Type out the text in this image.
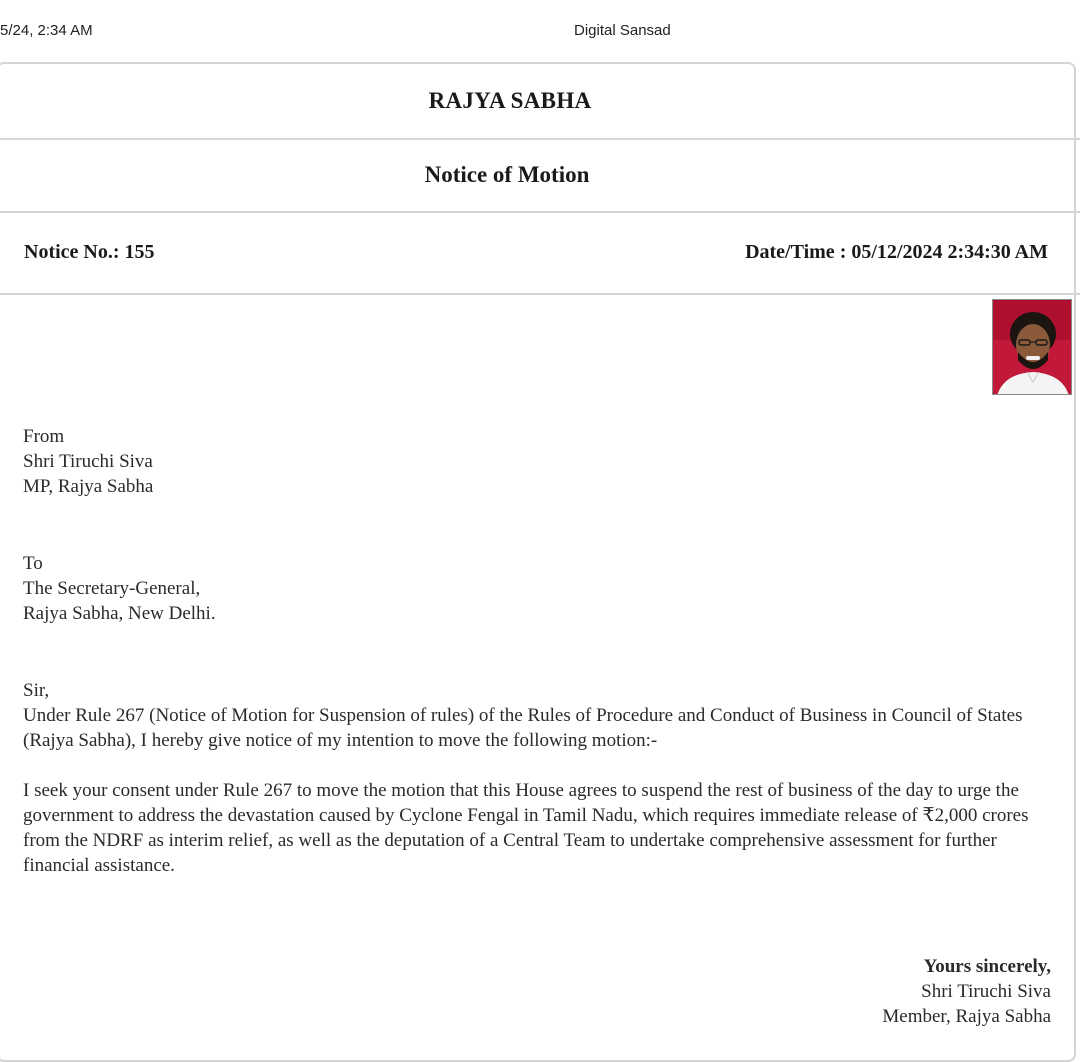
5/24, 2:34 AM	Digital Sansad
RAJYA SABHA
Notice of Motion
Notice No.: 155	Date/Time : 05/12/2024 2:34:30 AM
From
Shri Tiruchi Siva
MP, Rajya Sabha
To
The Secretary-General,
Rajya Sabha, New Delhi.
Sir,
Under Rule 267 (Notice of Motion for Suspension of rules) of the Rules of Procedure and Conduct of Business in Council of States (Rajya Sabha), I hereby give notice of my intention to move the following motion:-
I seek your consent under Rule 267 to move the motion that this House agrees to suspend the rest of business of the day to urge the government to address the devastation caused by Cyclone Fengal in Tamil Nadu, which requires immediate release of ₹2,000 crores from the NDRF as interim relief, as well as the deputation of a Central Team to undertake comprehensive assessment for further financial assistance.
Yours sincerely,
Shri Tiruchi Siva
Member, Rajya Sabha
